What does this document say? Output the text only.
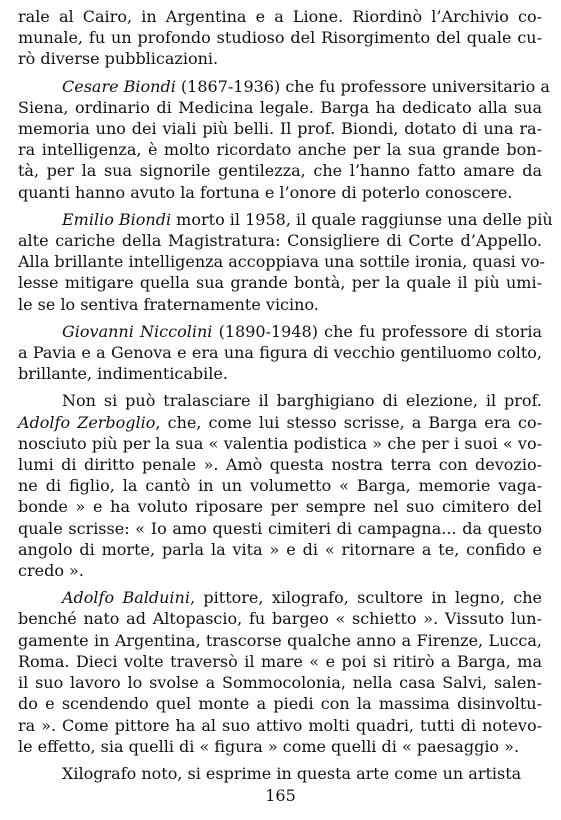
rale al Cairo, in Argentina e a Lione. Riordinò l’Archivio co-
munale, fu un profondo studioso del Risorgimento del quale cu-
rò diverse pubblicazioni.
Cesare Biondi (1867-1936) che fu professore universitario a
Siena, ordinario di Medicina legale. Barga ha dedicato alla sua
memoria uno dei viali più belli. Il prof. Biondi, dotato di una ra-
ra intelligenza, è molto ricordato anche per la sua grande bon-
tà, per la sua signorile gentilezza, che l’hanno fatto amare da
quanti hanno avuto la fortuna e l’onore di poterlo conoscere.
Emilio Biondi morto il 1958, il quale raggiunse una delle più
alte cariche della Magistratura: Consigliere di Corte d’Appello.
Alla brillante intelligenza accoppiava una sottile ironia, quasi vo-
lesse mitigare quella sua grande bontà, per la quale il più umi-
le se lo sentiva fraternamente vicino.
Giovanni Niccolini (1890-1948) che fu professore di storia
a Pavia e a Genova e era una figura di vecchio gentiluomo colto,
brillante, indimenticabile.
Non si può tralasciare il barghigiano di elezione, il prof.
Adolfo Zerboglio, che, come lui stesso scrisse, a Barga era co-
nosciuto più per la sua « valentia podistica » che per i suoi « vo-
lumi di diritto penale ». Amò questa nostra terra con devozio-
ne di figlio, la cantò in un volumetto « Barga, memorie vaga-
bonde » e ha voluto riposare per sempre nel suo cimitero del
quale scrisse: « Io amo questi cimiteri di campagna... da questo
angolo di morte, parla la vita » e di « ritornare a te, confido e
credo ».
Adolfo Balduini, pittore, xilografo, scultore in legno, che
benché nato ad Altopascio, fu bargeo « schietto ». Vissuto lun-
gamente in Argentina, trascorse qualche anno a Firenze, Lucca,
Roma. Dieci volte traversò il mare « e poi si ritirò a Barga, ma
il suo lavoro lo svolse a Sommocolonia, nella casa Salvi, salen-
do e scendendo quel monte a piedi con la massima disinvoltu-
ra ». Come pittore ha al suo attivo molti quadri, tutti di notevo-
le effetto, sia quelli di « figura » come quelli di « paesaggio ».
Xilografo noto, si esprime in questa arte come un artista
165
